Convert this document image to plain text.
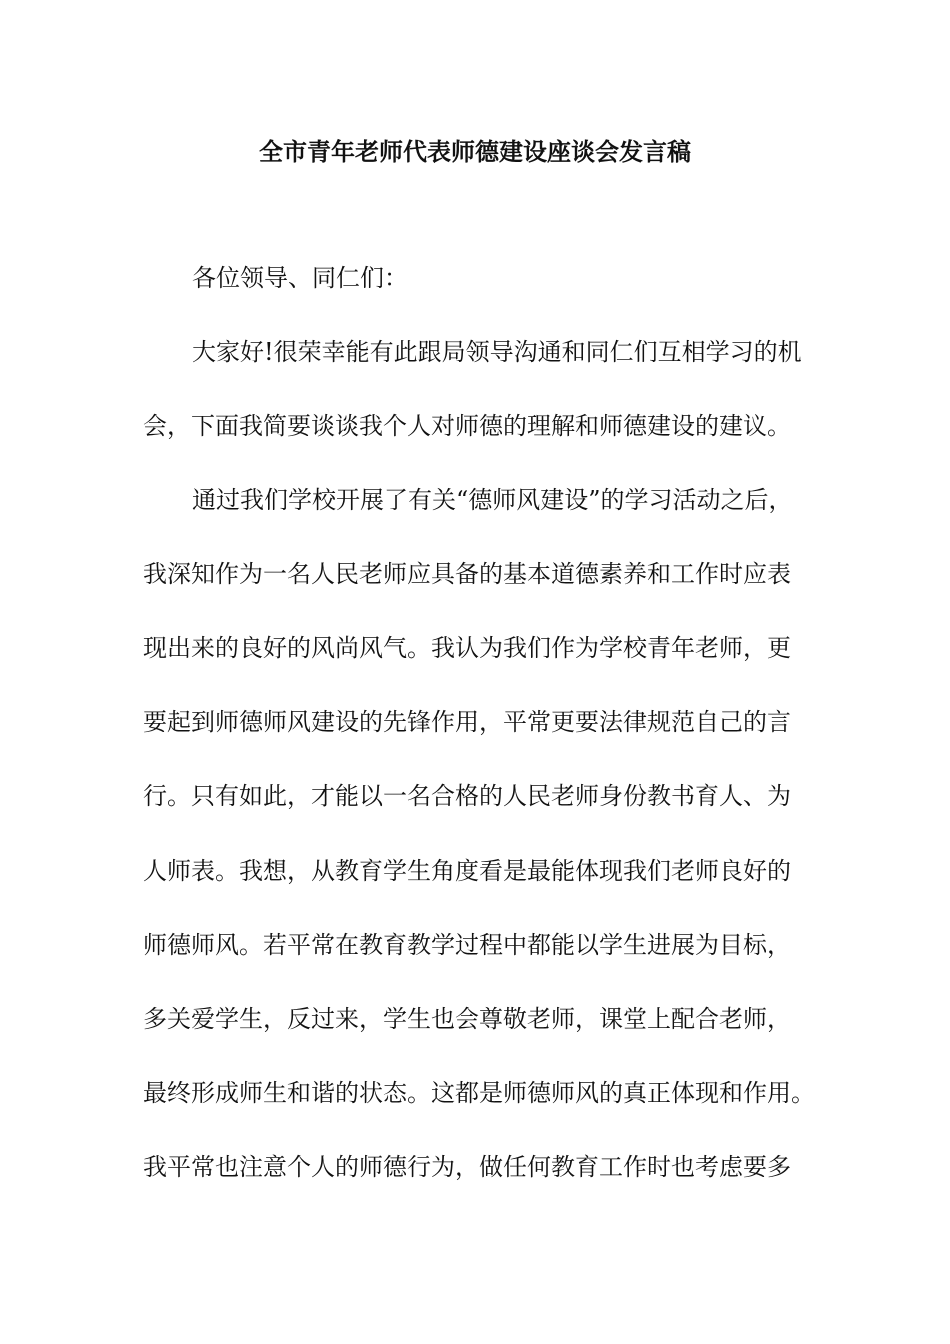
全市青年老师代表师德建设座谈会发言稿
各位领导、同仁们：
大家好!很荣幸能有此跟局领导沟通和同仁们互相学习的机
会，下面我简要谈谈我个人对师德的理解和师德建设的建议。
通过我们学校开展了有关“德师风建设”的学习活动之后，
我深知作为一名人民老师应具备的基本道德素养和工作时应表
现出来的良好的风尚风气。我认为我们作为学校青年老师，更
要起到师德师风建设的先锋作用，平常更要法律规范自己的言
行。只有如此，才能以一名合格的人民老师身份教书育人、为
人师表。我想，从教育学生角度看是最能体现我们老师良好的
师德师风。若平常在教育教学过程中都能以学生进展为目标，
多关爱学生，反过来，学生也会尊敬老师，课堂上配合老师，
最终形成师生和谐的状态。这都是师德师风的真正体现和作用。
我平常也注意个人的师德行为，做任何教育工作时也考虑要多
